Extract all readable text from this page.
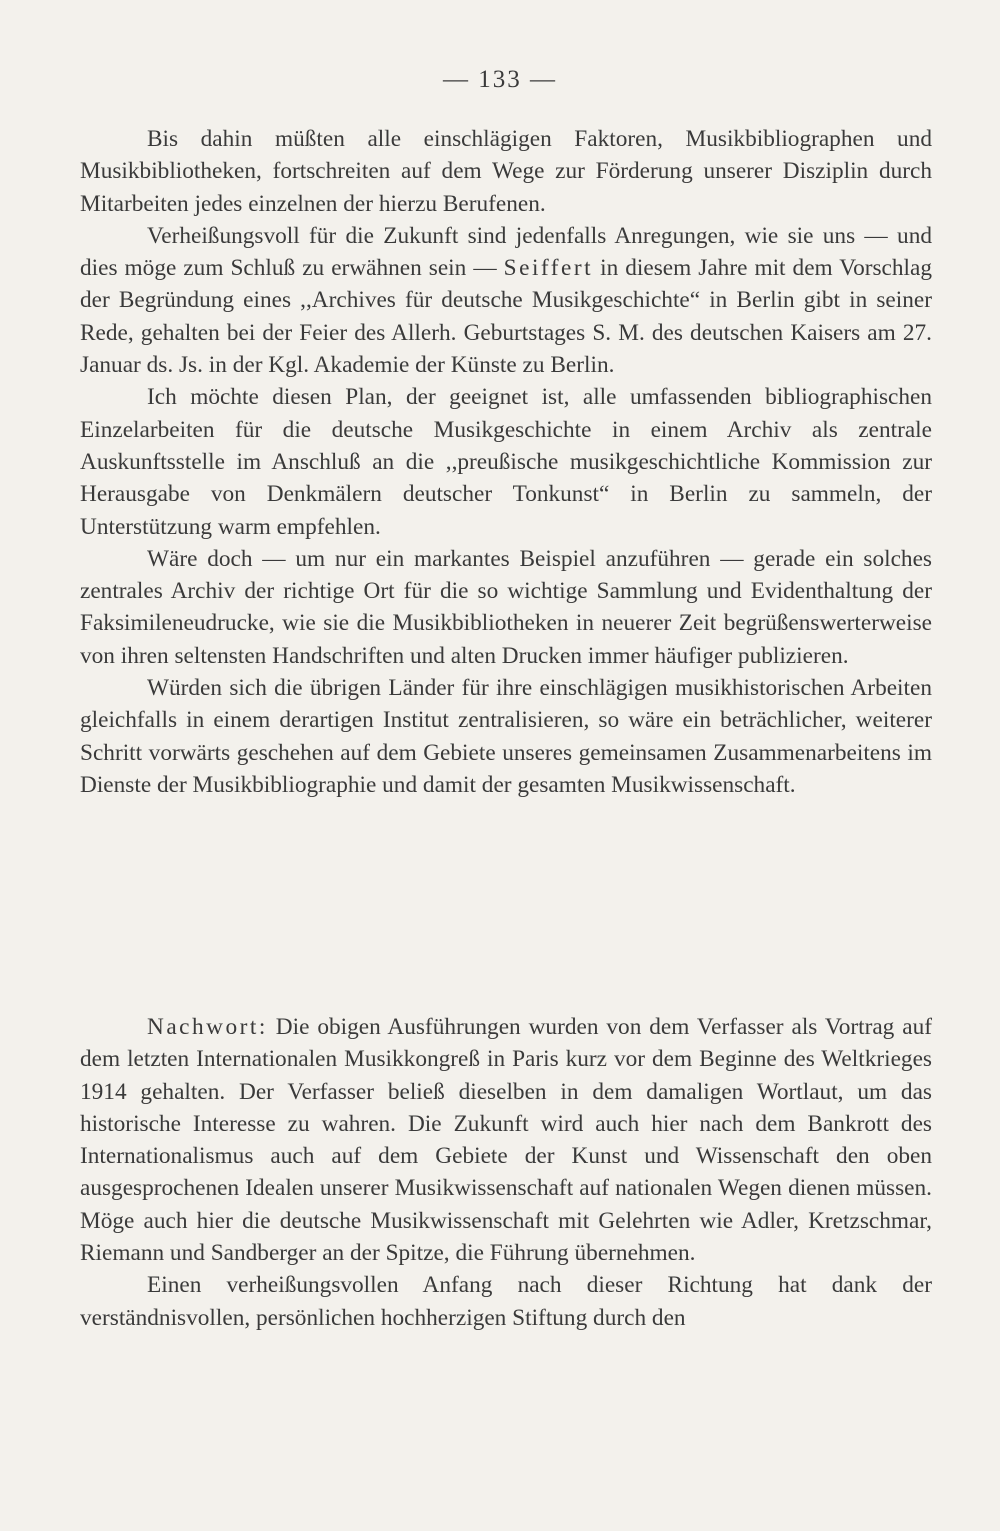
— 133 —

Bis dahin müßten alle einschlägigen Faktoren, Musikbibliographen und Musikbibliotheken, fortschreiten auf dem Wege zur Förderung unserer Disziplin durch Mitarbeiten jedes einzelnen der hierzu Berufenen.

Verheißungsvoll für die Zukunft sind jedenfalls Anregungen, wie sie uns — und dies möge zum Schluß zu erwähnen sein — Seiffert in diesem Jahre mit dem Vorschlag der Begründung eines ,,Archives für deutsche Musikgeschichte“ in Berlin gibt in seiner Rede, gehalten bei der Feier des Allerh. Geburtstages S. M. des deutschen Kaisers am 27. Januar ds. Js. in der Kgl. Akademie der Künste zu Berlin.

Ich möchte diesen Plan, der geeignet ist, alle umfassenden bibliographischen Einzelarbeiten für die deutsche Musikgeschichte in einem Archiv als zentrale Auskunftsstelle im Anschluß an die ,,preußische musikgeschichtliche Kommission zur Herausgabe von Denkmälern deutscher Tonkunst“ in Berlin zu sammeln, der Unterstützung warm empfehlen.

Wäre doch — um nur ein markantes Beispiel anzuführen — gerade ein solches zentrales Archiv der richtige Ort für die so wichtige Sammlung und Evidenthaltung der Faksimileneudrucke, wie sie die Musikbibliotheken in neuerer Zeit begrüßenswerterweise von ihren seltensten Handschriften und alten Drucken immer häufiger publizieren.

Würden sich die übrigen Länder für ihre einschlägigen musikhistorischen Arbeiten gleichfalls in einem derartigen Institut zentralisieren, so wäre ein beträchlicher, weiterer Schritt vorwärts geschehen auf dem Gebiete unseres gemeinsamen Zusammenarbeitens im Dienste der Musikbibliographie und damit der gesamten Musikwissenschaft.

Nachwort: Die obigen Ausführungen wurden von dem Verfasser als Vortrag auf dem letzten Internationalen Musikkongreß in Paris kurz vor dem Beginne des Weltkrieges 1914 gehalten. Der Verfasser beließ dieselben in dem damaligen Wortlaut, um das historische Interesse zu wahren. Die Zukunft wird auch hier nach dem Bankrott des Internationalismus auch auf dem Gebiete der Kunst und Wissenschaft den oben ausgesprochenen Idealen unserer Musikwissenschaft auf nationalen Wegen dienen müssen. Möge auch hier die deutsche Musikwissenschaft mit Gelehrten wie Adler, Kretzschmar, Riemann und Sandberger an der Spitze, die Führung übernehmen.

Einen verheißungsvollen Anfang nach dieser Richtung hat dank der verständnisvollen, persönlichen hochherzigen Stiftung durch den
